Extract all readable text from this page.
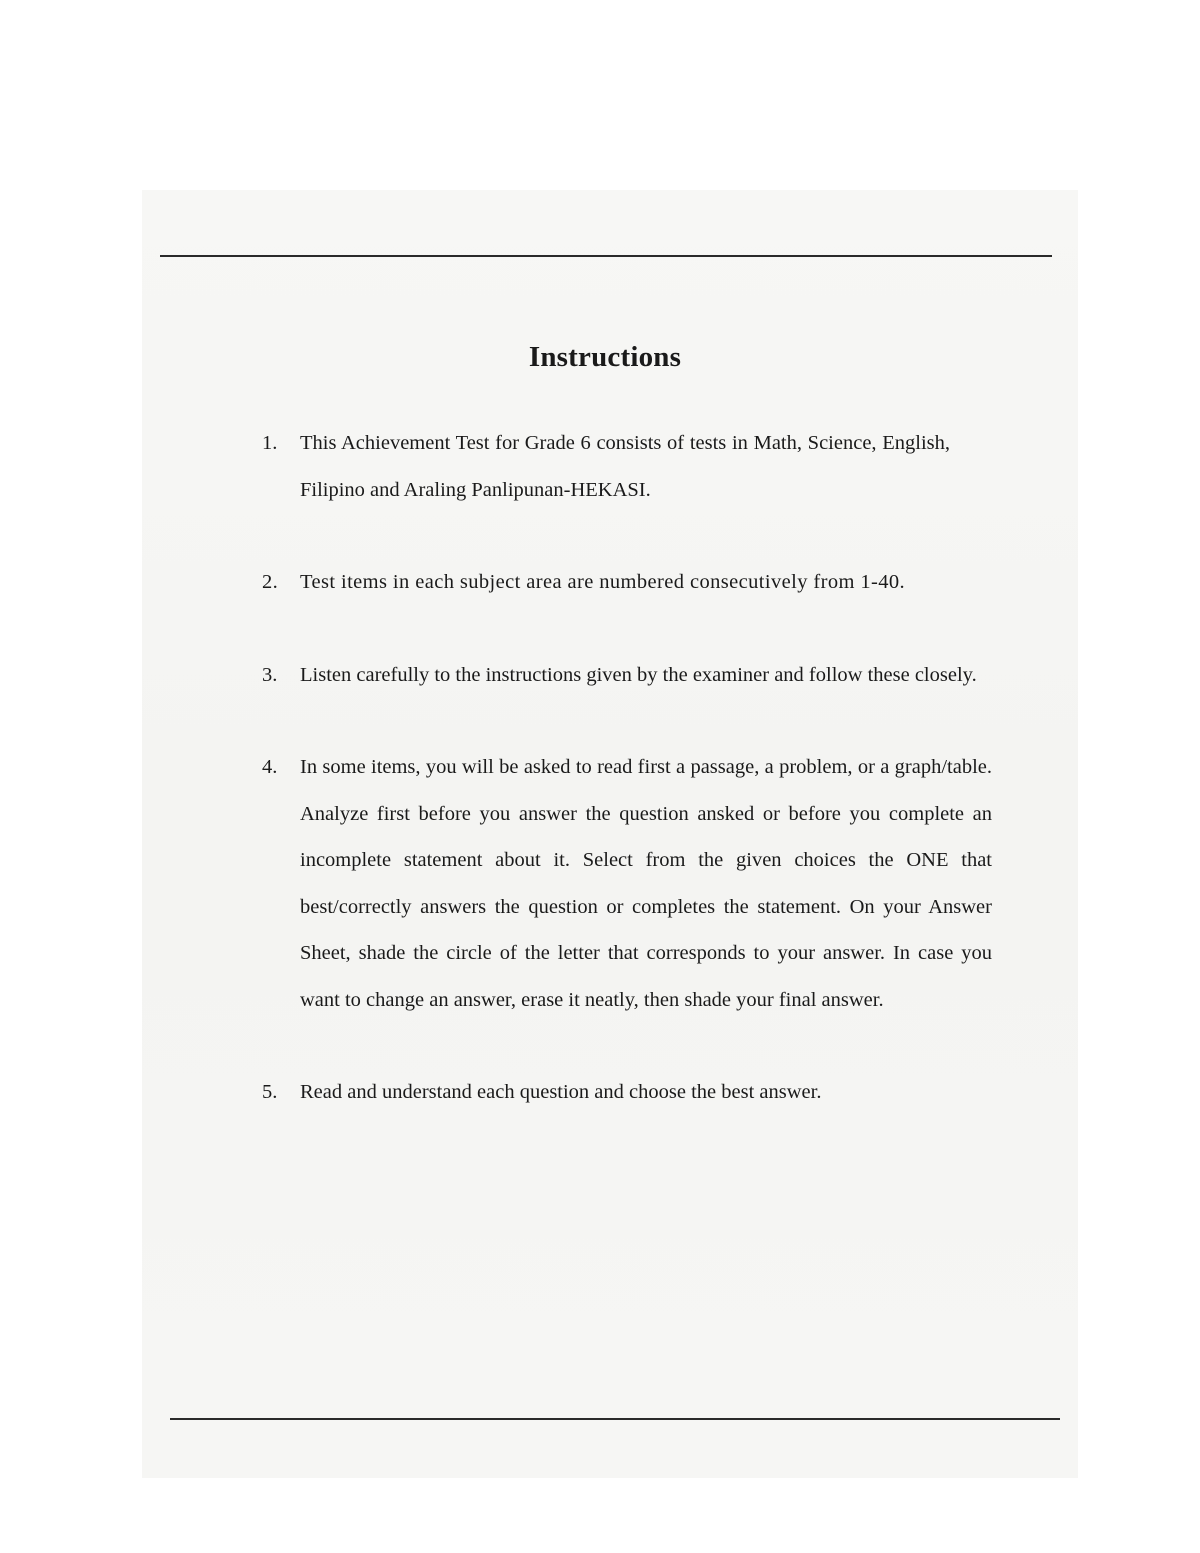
Instructions
1. This Achievement Test for Grade 6 consists of tests in Math, Science, English, Filipino and Araling Panlipunan-HEKASI.
2. Test items in each subject area are numbered consecutively from 1-40.
3. Listen carefully to the instructions given by the examiner and follow these closely.
4. In some items, you will be asked to read first a passage, a problem, or a graph/table. Analyze first before you answer the question ansked or before you complete an incomplete statement about it. Select from the given choices the ONE that best/correctly answers the question or completes the statement. On your Answer Sheet, shade the circle of the letter that corresponds to your answer. In case you want to change an answer, erase it neatly, then shade your final answer.
5. Read and understand each question and choose the best answer.
